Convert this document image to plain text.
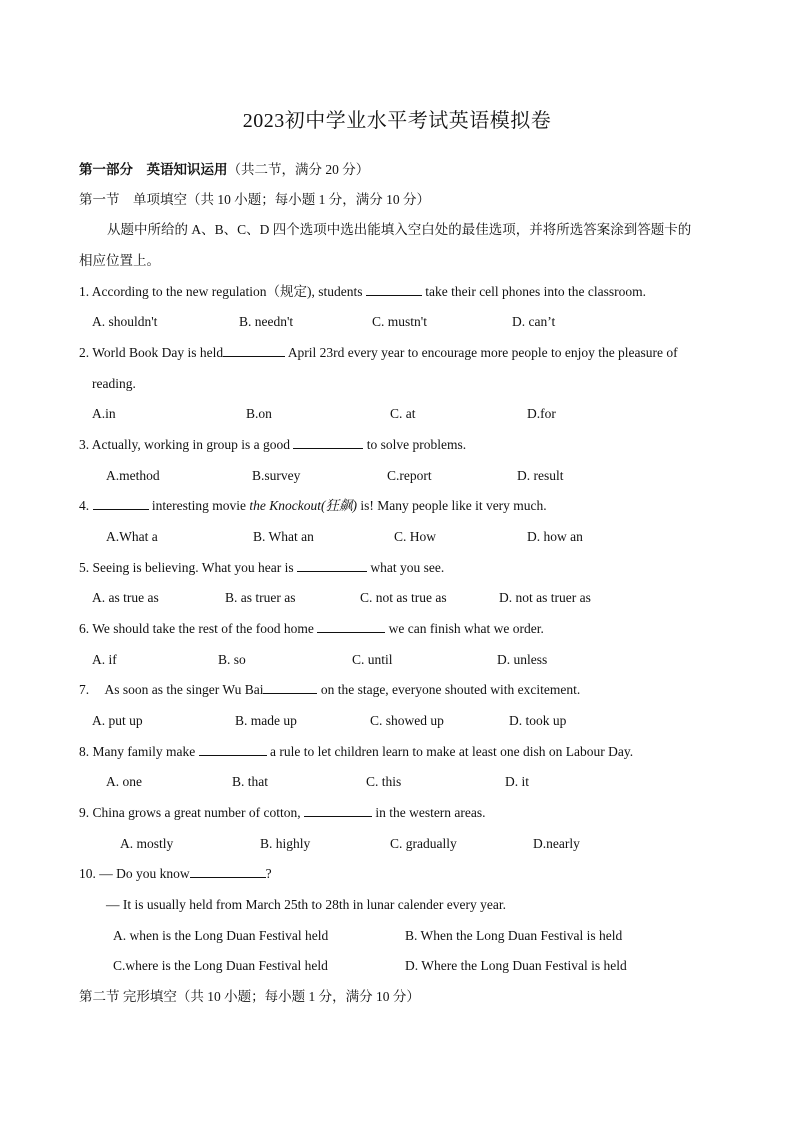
2023初中学业水平考试英语模拟卷
第一部分　英语知识运用（共二节，满分 20 分）
第一节　单项填空（共 10 小题；每小题 1 分，满分 10 分）
从题中所给的 A、B、C、D 四个选项中选出能填入空白处的最佳选项，并将所选答案涂到答题卡的
相应位置上。
1. According to the new regulation（规定), students	take their cell phones into the classroom.
A. shouldn't	B. needn't	C. mustn't	D. can’t
2. World Book Day is held	April 23rd every year to encourage more people to enjoy the pleasure of
reading.
A.in	B.on	C. at	D.for
3. Actually, working in group is a good	to solve problems.
A.method	B.survey	C.report	D. result
4.	interesting movie the Knockout(狂飙) is! Many people like it very much.
A.What a	B. What an	C. How	D. how an
5. Seeing is believing. What you hear is	what you see.
A. as true as	B. as truer as	C. not as true as	D. not as truer as
6. We should take the rest of the food home	we can finish what we order.
A. if	B. so	C. until	D. unless
7. As soon as the singer Wu Bai	on the stage, everyone shouted with excitement.
A. put up	B. made up	C. showed up	D. took up
8. Many family make	a rule to let children learn to make at least one dish on Labour Day.
A. one	B. that	C. this	D. it
9. China grows a great number of cotton,	in the western areas.
A. mostly	B. highly	C. gradually	D.nearly
10. — Do you know	?
— It is usually held from March 25th to 28th in lunar calender every year.
A. when is the Long Duan Festival held	B. When the Long Duan Festival is held
C.where is the Long Duan Festival held	D. Where the Long Duan Festival is held
第二节 完形填空（共 10 小题；每小题 1 分，满分 10 分）
